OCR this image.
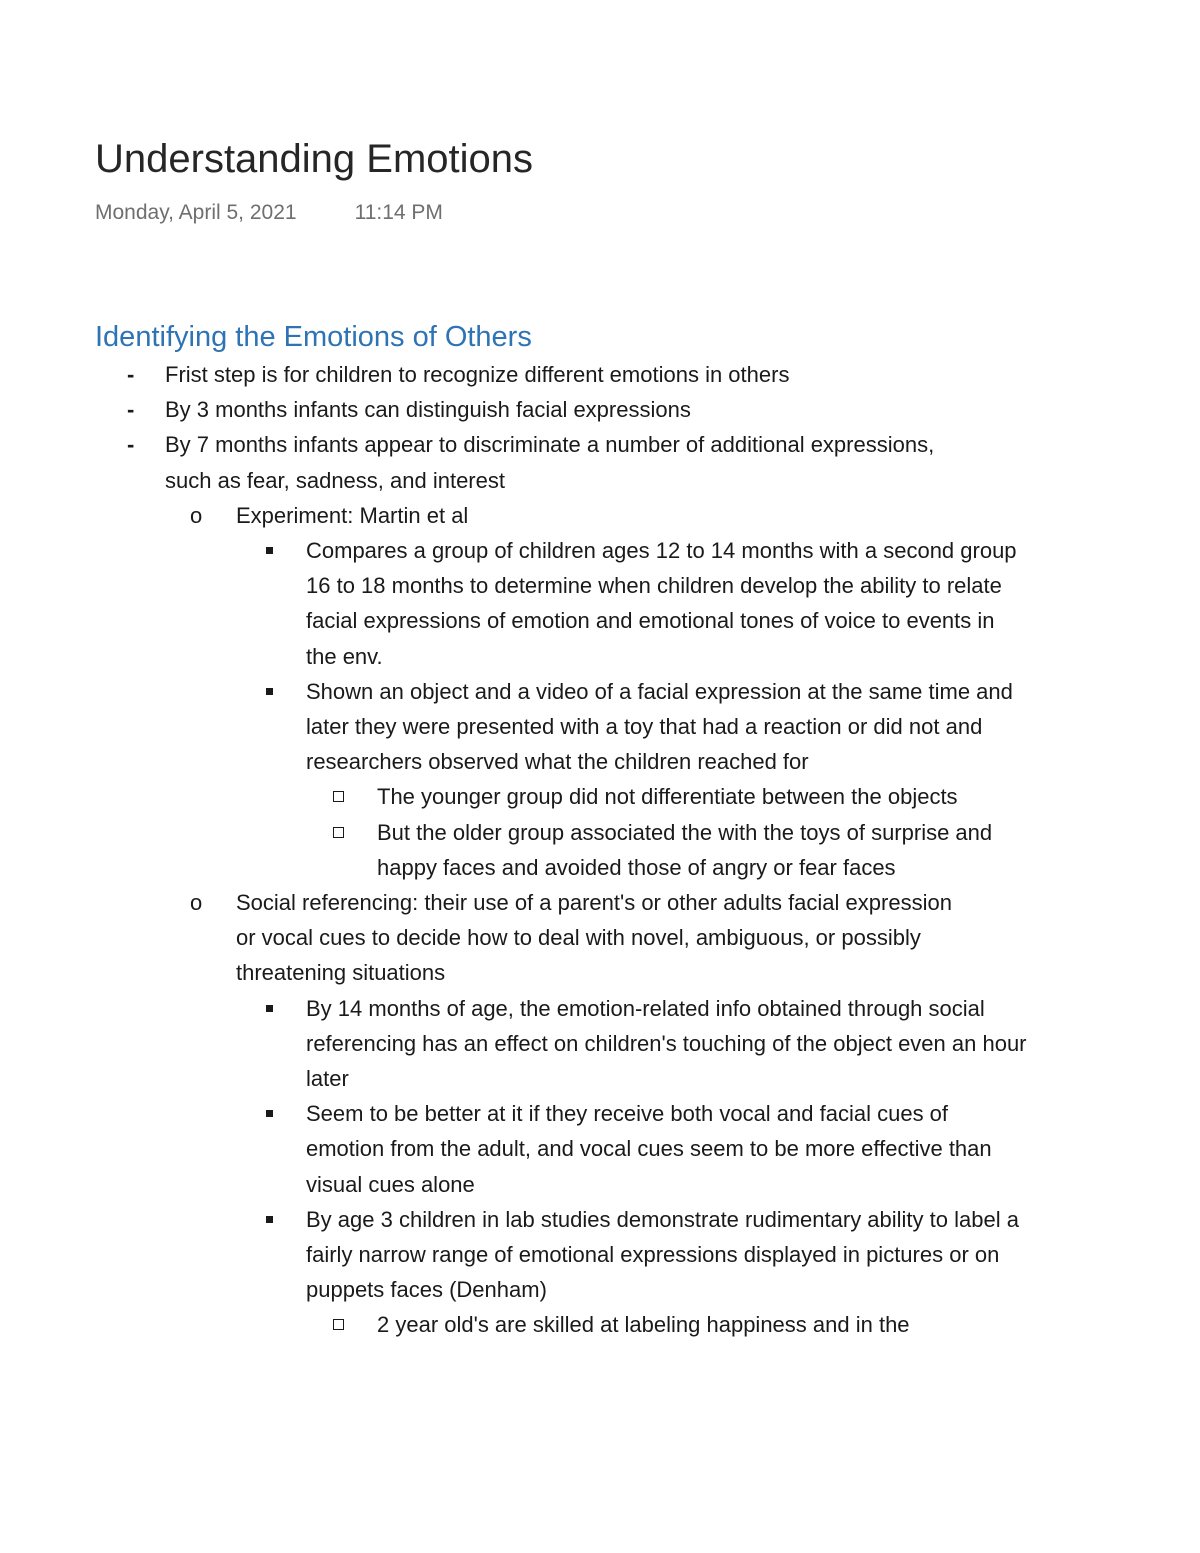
Understanding Emotions
Monday, April 5, 2021	11:14 PM
Identifying the Emotions of Others
- Frist step is for children to recognize different emotions in others
- By 3 months infants can distinguish facial expressions
- By 7 months infants appear to discriminate a number of additional expressions, such as fear, sadness, and interest
o Experiment: Martin et al
Compares a group of children ages 12 to 14 months with a second group 16 to 18 months to determine when children develop the ability to relate facial expressions of emotion and emotional tones of voice to events in the env.
Shown an object and a video of a facial expression at the same time and later they were presented with a toy that had a reaction or did not and researchers observed what the children reached for
The younger group did not differentiate between the objects
But the older group associated the with the toys of surprise and happy faces and avoided those of angry or fear faces
o Social referencing: their use of a parent's or other adults facial expression or vocal cues to decide how to deal with novel, ambiguous, or possibly threatening situations
By 14 months of age, the emotion-related info obtained through social referencing has an effect on children's touching of the object even an hour later
Seem to be better at it if they receive both vocal and facial cues of emotion from the adult, and vocal cues seem to be more effective than visual cues alone
By age 3 children in lab studies demonstrate rudimentary ability to label a fairly narrow range of emotional expressions displayed in pictures or on puppets faces (Denham)
2 year old's are skilled at labeling happiness and in the
